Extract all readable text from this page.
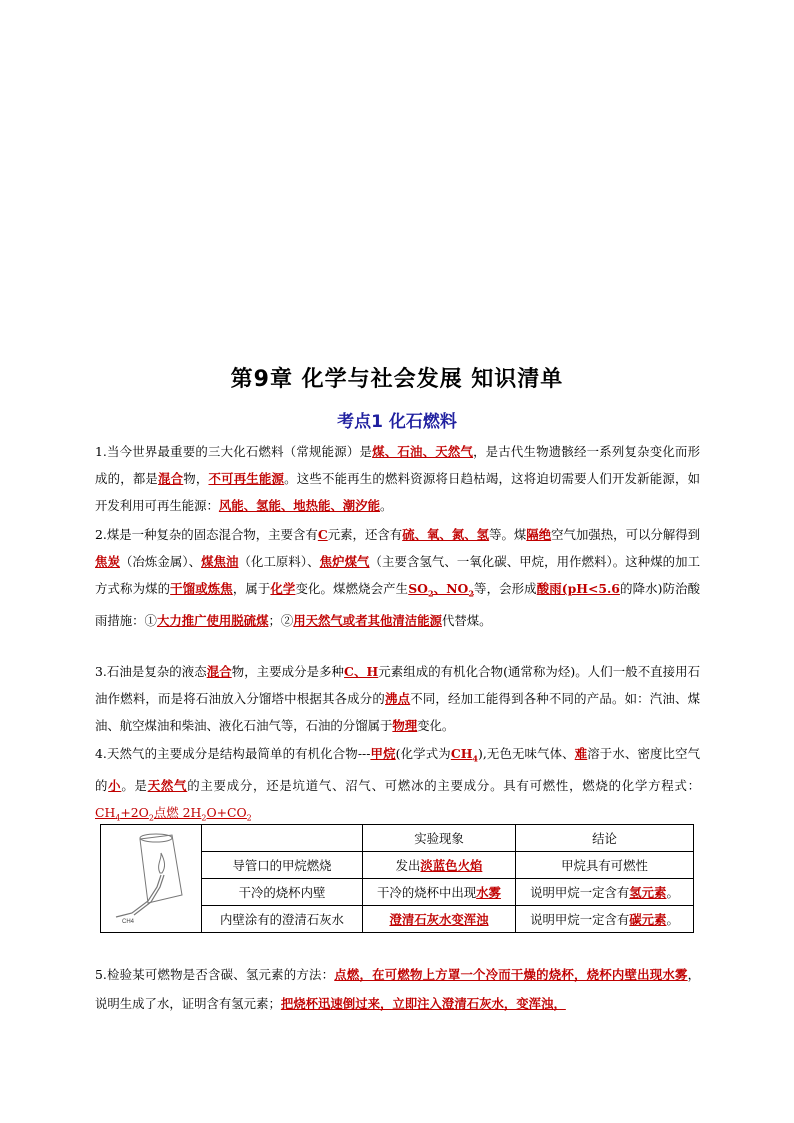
第9章 化学与社会发展 知识清单
考点1 化石燃料
1.当今世界最重要的三大化石燃料（常规能源）是煤、石油、天然气，是古代生物遗骸经一系列复杂变化而形成的，都是混合物，不可再生能源。这些不能再生的燃料资源将日趋枯竭，这将迫切需要人们开发新能源，如开发利用可再生能源：风能、氢能、地热能、潮汐能。
2.煤是一种复杂的固态混合物，主要含有C元素，还含有硫、氧、氮、氢等。煤隔绝空气加强热，可以分解得到焦炭（冶炼金属）、煤焦油（化工原料）、焦炉煤气（主要含氢气、一氧化碳、甲烷，用作燃料）。这种煤的加工方式称为煤的干馏或炼焦，属于化学变化。煤燃烧会产生$SO_2$、$NO_2$等，会形成酸雨(pH<5.6的降水)防治酸雨措施：①大力推广使用脱硫煤；②用天然气或者其他清洁能源代替煤。
3.石油是复杂的液态混合物，主要成分是多种C、H元素组成的有机化合物(通常称为烃)。人们一般不直接用石油作燃料，而是将石油放入分馏塔中根据其各成分的沸点不同，经加工能得到各种不同的产品。如：汽油、煤油、航空煤油和柴油、液化石油气等，石油的分馏属于物理变化。
4.天然气的主要成分是结构最简单的有机化合物---甲烷(化学式为$CH_4$),无色无味气体、难溶于水、密度比空气的小。是天然气的主要成分，还是坑道气、沼气、可燃冰的主要成分。具有可燃性，燃烧的化学方程式：$CH_4+2O_2$点燃 $2H_2O+CO_2$
CH4		实验现象	结论
	导管口的甲烷燃烧	发出淡蓝色火焰	甲烷具有可燃性
	干冷的烧杯内壁	干冷的烧杯中出现水雾	说明甲烷一定含有氢元素。
	内壁涂有的澄清石灰水	澄清石灰水变浑浊	说明甲烷一定含有碳元素。
5.检验某可燃物是否含碳、氢元素的方法：点燃，在可燃物上方罩一个冷而干燥的烧杯，烧杯内壁出现水雾，说明生成了水，证明含有氢元素；把烧杯迅速倒过来，立即注入澄清石灰水，变浑浊，
